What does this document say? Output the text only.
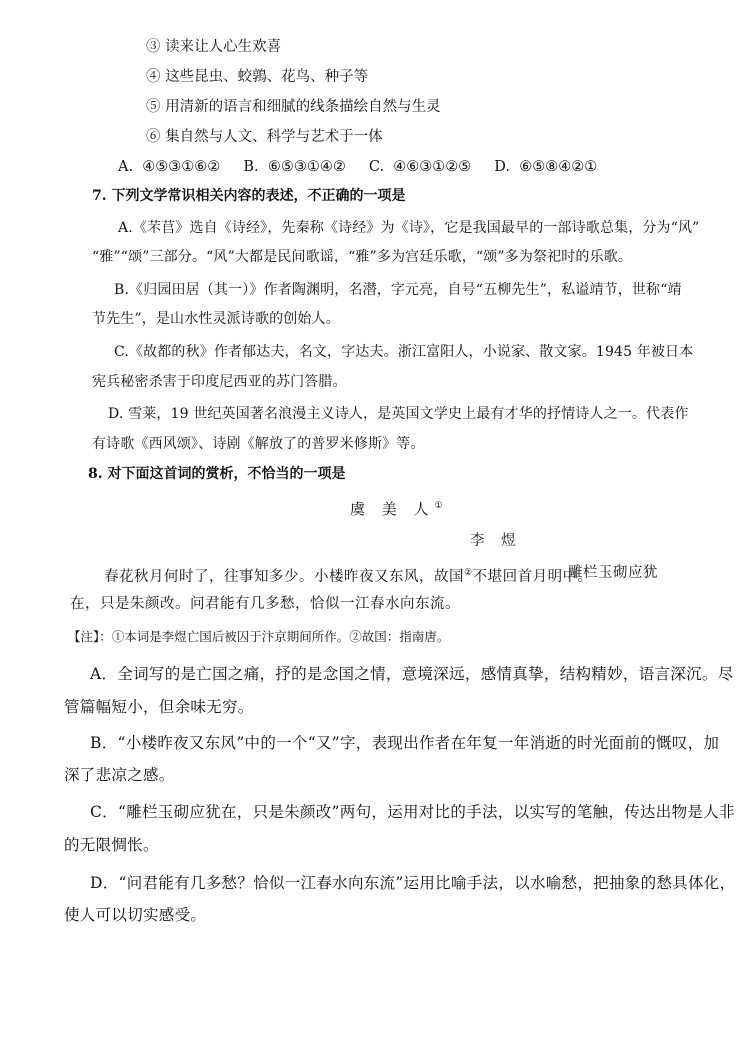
③ 读来让人心生欢喜
④ 这些昆虫、蛟鶉、花鸟、种子等
⑤ 用清新的语言和细腻的线条描绘自然与生灵
⑥ 集自然与人文、科学与艺术于一体
A.  ④⑤③①⑥②     B.  ⑥⑤③①④②     C.  ④⑥③①②⑤     D.  ⑥⑤⑧④②①
7. 下列文学常识相关内容的表述，不正确的一项是
A.《芣苢》选自《诗经》，先秦称《诗经》为《诗》，它是我国最早的一部诗歌总集，分为“风”
“雅”“颂”三部分。“风”大都是民间歌谣，“雅”多为宫廷乐歌，“颂”多为祭祀时的乐歌。
B.《归园田居（其一）》作者陶渊明，名潜，字元亮，自号“五柳先生”，私谥靖节，世称“靖
节先生”，是山水性灵派诗歌的创始人。
C.《故都的秋》作者郁达夫，名文，字达夫。浙江富阳人，小说家、散文家。1945 年被日本
宪兵秘密杀害于印度尼西亚的苏门答腊。
D. 雪莱，19 世纪英国著名浪漫主义诗人，是英国文学史上最有才华的抒情诗人之一。代表作
有诗歌《西风颂》、诗剧《解放了的普罗米修斯》等。
8. 对下面这首词的赏析，不恰当的一项是
虞 美 人①
李 煜
春花秋月何时了，往事知多少。小楼昨夜又东风，故国②不堪回首月明中。
雕栏玉砌应犹
在，只是朱颜改。问君能有几多愁，恰似一江春水向东流。
【注】：①本词是李煜亡国后被囚于汴京期间所作。②故国：指南唐。
A．全词写的是亡国之痛，抒的是念国之情，意境深远，感情真挚，结构精妙，语言深沉。尽
管篇幅短小，但余味无穷。
B．“小楼昨夜又东风”中的一个“又”字，表现出作者在年复一年消逝的时光面前的慨叹，加
深了悲凉之感。
C．“雕栏玉砌应犹在，只是朱颜改”两句，运用对比的手法，以实写的笔触，传达出物是人非
的无限惆怅。
D．“问君能有几多愁？恰似一江春水向东流”运用比喻手法，以水喻愁，把抽象的愁具体化，
使人可以切实感受。
